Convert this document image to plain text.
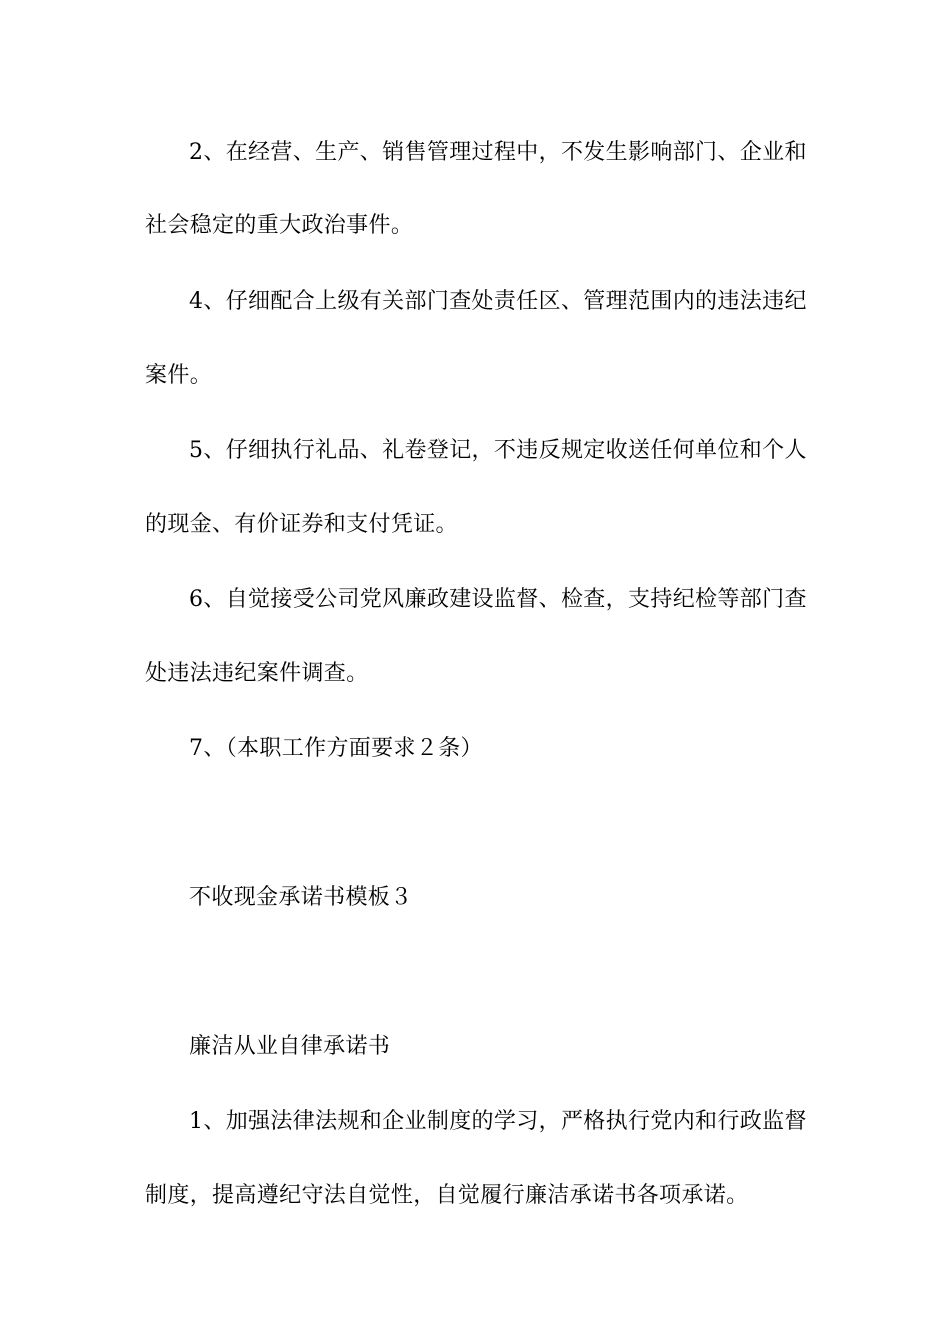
2、在经营、生产、销售管理过程中，不发生影响部门、企业和
社会稳定的重大政治事件。
4、仔细配合上级有关部门查处责任区、管理范围内的违法违纪
案件。
5、仔细执行礼品、礼卷登记，不违反规定收送任何单位和个人
的现金、有价证券和支付凭证。
6、自觉接受公司党风廉政建设监督、检查，支持纪检等部门查
处违法违纪案件调查。
7、（本职工作方面要求２条）
不收现金承诺书模板３
廉洁从业自律承诺书
1、加强法律法规和企业制度的学习，严格执行党内和行政监督
制度，提高遵纪守法自觉性，自觉履行廉洁承诺书各项承诺。
